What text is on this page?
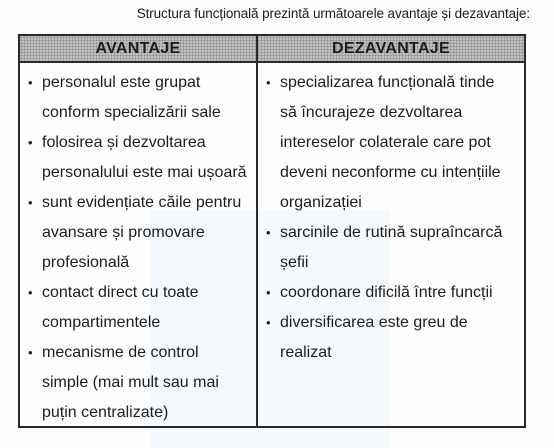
Structura funcțională prezintă următoarele avantaje și dezavantaje:
AVANTAJE	DEZAVANTAJE
• personalul este grupat
conform specializării sale
• folosirea și dezvoltarea
personalului este mai ușoară
• sunt evidențiate căile pentru
avansare și promovare
profesională
• contact direct cu toate
compartimentele
• mecanisme de control
simple (mai mult sau mai
puțin centralizate)
• specializarea funcțională tinde
să încurajeze dezvoltarea
intereselor colaterale care pot
deveni neconforme cu intențiile
organizației
• sarcinile de rutină supraîncarcă
șefii
• coordonare dificilă între funcții
• diversificarea este greu de
realizat
